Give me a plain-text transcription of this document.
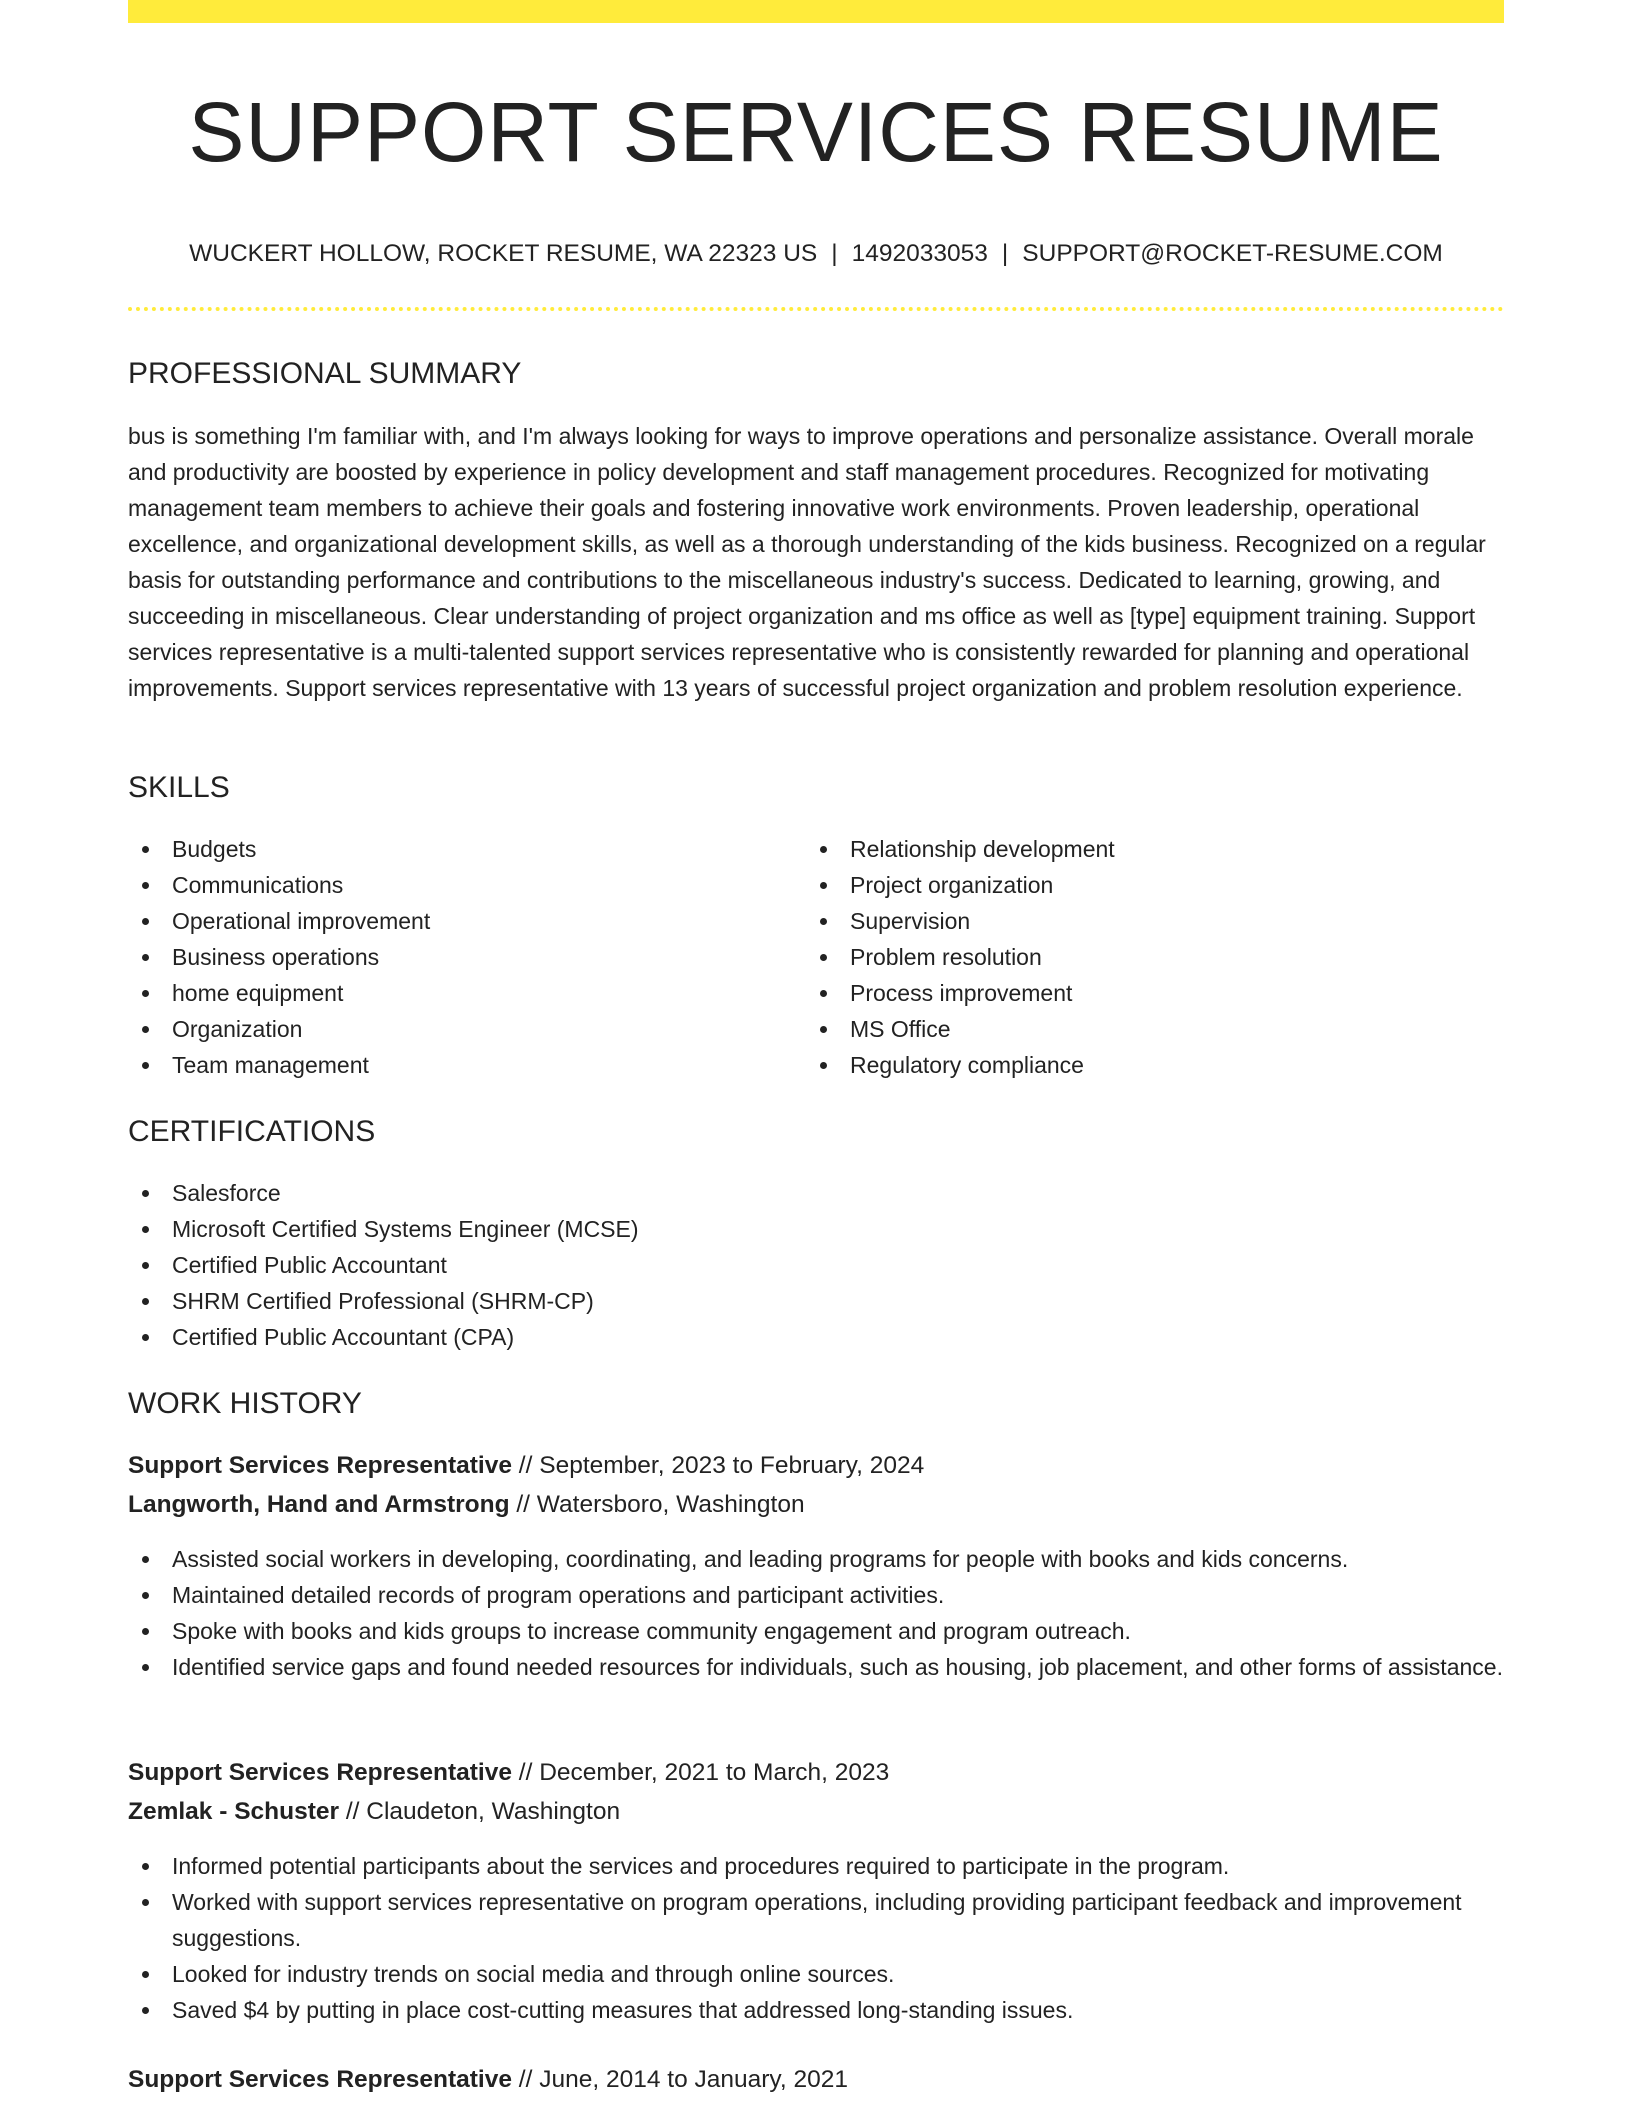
SUPPORT SERVICES RESUME
WUCKERT HOLLOW, ROCKET RESUME, WA 22323 US | 1492033053 | SUPPORT@ROCKET-RESUME.COM
PROFESSIONAL SUMMARY

bus is something I'm familiar with, and I'm always looking for ways to improve operations and personalize assistance. Overall morale and productivity are boosted by experience in policy development and staff management procedures. Recognized for motivating management team members to achieve their goals and fostering innovative work environments. Proven leadership, operational excellence, and organizational development skills, as well as a thorough understanding of the kids business. Recognized on a regular basis for outstanding performance and contributions to the miscellaneous industry's success. Dedicated to learning, growing, and succeeding in miscellaneous. Clear understanding of project organization and ms office as well as [type] equipment training. Support services representative is a multi-talented support services representative who is consistently rewarded for planning and operational improvements. Support services representative with 13 years of successful project organization and problem resolution experience.

SKILLS
Budgets
Communications
Operational improvement
Business operations
home equipment
Organization
Team management
Relationship development
Project organization
Supervision
Problem resolution
Process improvement
MS Office
Regulatory compliance
CERTIFICATIONS
Salesforce
Microsoft Certified Systems Engineer (MCSE)
Certified Public Accountant
SHRM Certified Professional (SHRM-CP)
Certified Public Accountant (CPA)
WORK HISTORY
Support Services Representative // September, 2023 to February, 2024
Langworth, Hand and Armstrong // Watersboro, Washington
Assisted social workers in developing, coordinating, and leading programs for people with books and kids concerns.
Maintained detailed records of program operations and participant activities.
Spoke with books and kids groups to increase community engagement and program outreach.
Identified service gaps and found needed resources for individuals, such as housing, job placement, and other forms of assistance.
Support Services Representative // December, 2021 to March, 2023
Zemlak - Schuster // Claudeton, Washington
Informed potential participants about the services and procedures required to participate in the program.
Worked with support services representative on program operations, including providing participant feedback and improvement suggestions.
Looked for industry trends on social media and through online sources.
Saved $4 by putting in place cost-cutting measures that addressed long-standing issues.
Support Services Representative // June, 2014 to January, 2021
